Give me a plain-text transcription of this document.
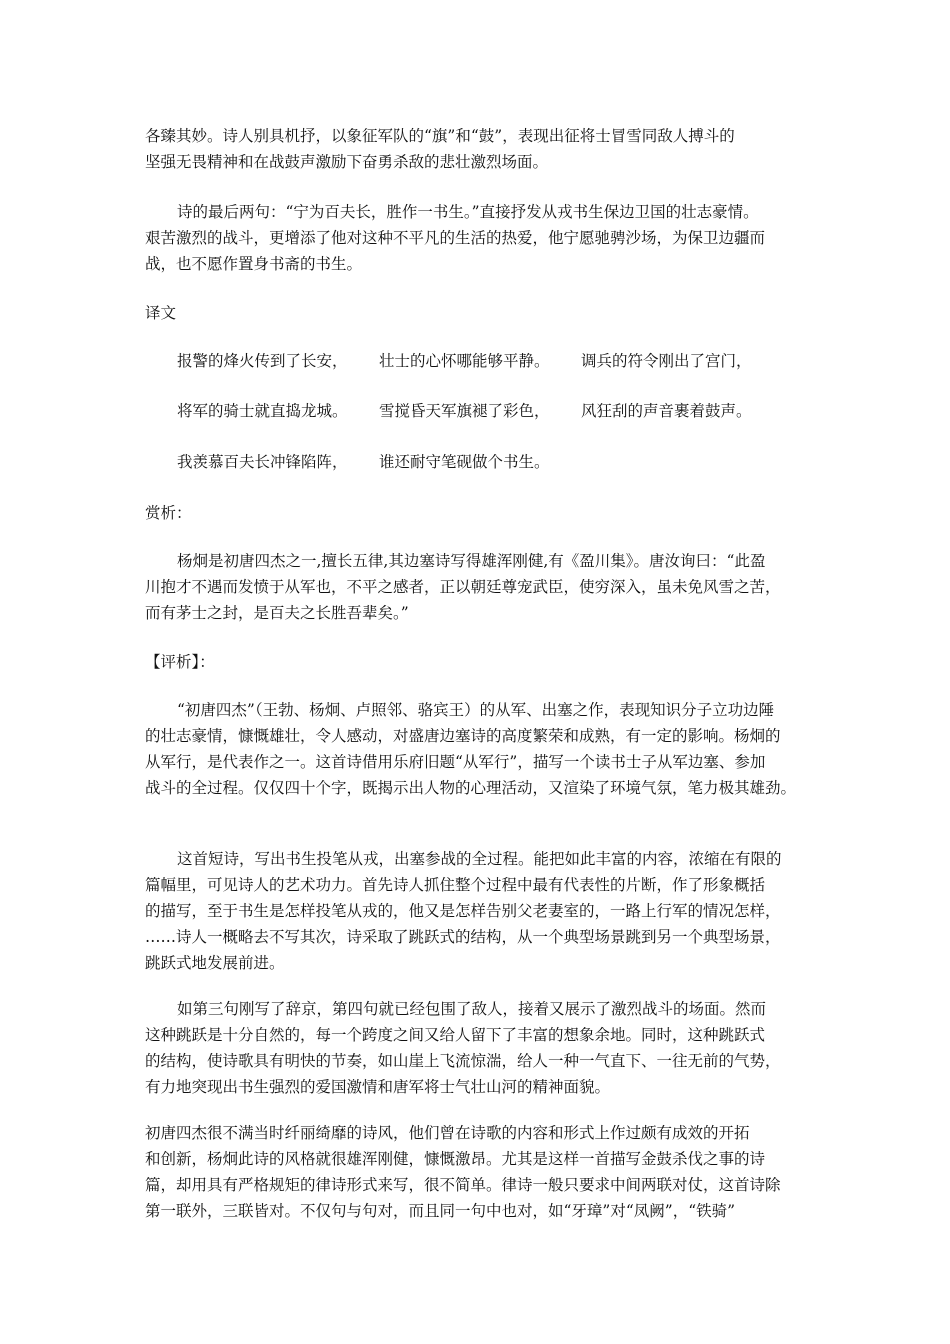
各臻其妙。诗人别具机抒，以象征军队的“旗”和“鼓”，表现出征将士冒雪同敌人搏斗的
坚强无畏精神和在战鼓声激励下奋勇杀敌的悲壮激烈场面。
诗的最后两句：“宁为百夫长，胜作一书生。”直接抒发从戎书生保边卫国的壮志豪情。
艰苦激烈的战斗，更增添了他对这种不平凡的生活的热爱，他宁愿驰骋沙场，为保卫边疆而
战，也不愿作置身书斋的书生。
译文
报警的烽火传到了长安， 壮士的心怀哪能够平静。 调兵的符令刚出了宫门，
将军的骑士就直捣龙城。 雪搅昏天军旗褪了彩色， 风狂刮的声音裹着鼓声。
我羡慕百夫长冲锋陷阵， 谁还耐守笔砚做个书生。
赏析：
杨炯是初唐四杰之一,擅长五律,其边塞诗写得雄浑刚健,有《盈川集》。唐汝询曰：“此盈
川抱才不遇而发愤于从军也，不平之感者，正以朝廷尊宠武臣，使穷深入，虽未免风雪之苦，
而有茅士之封，是百夫之长胜吾辈矣。”
【评析】：
“初唐四杰”（王勃、杨炯、卢照邻、骆宾王）的从军、出塞之作，表现知识分子立功边陲
的壮志豪情，慷慨雄壮，令人感动，对盛唐边塞诗的高度繁荣和成熟，有一定的影响。杨炯的
从军行，是代表作之一。这首诗借用乐府旧题“从军行”，描写一个读书士子从军边塞、参加
战斗的全过程。仅仅四十个字，既揭示出人物的心理活动，又渲染了环境气氛，笔力极其雄劲。
这首短诗，写出书生投笔从戎，出塞参战的全过程。能把如此丰富的内容，浓缩在有限的
篇幅里，可见诗人的艺术功力。首先诗人抓住整个过程中最有代表性的片断，作了形象概括
的描写，至于书生是怎样投笔从戎的，他又是怎样告别父老妻室的，一路上行军的情况怎样，
……诗人一概略去不写其次，诗采取了跳跃式的结构，从一个典型场景跳到另一个典型场景，
跳跃式地发展前进。
如第三句刚写了辞京，第四句就已经包围了敌人，接着又展示了激烈战斗的场面。然而
这种跳跃是十分自然的，每一个跨度之间又给人留下了丰富的想象余地。同时，这种跳跃式
的结构，使诗歌具有明快的节奏，如山崖上飞流惊湍，给人一种一气直下、一往无前的气势，
有力地突现出书生强烈的爱国激情和唐军将士气壮山河的精神面貌。
初唐四杰很不满当时纤丽绮靡的诗风，他们曾在诗歌的内容和形式上作过颇有成效的开拓
和创新，杨炯此诗的风格就很雄浑刚健，慷慨激昂。尤其是这样一首描写金鼓杀伐之事的诗
篇，却用具有严格规矩的律诗形式来写，很不简单。律诗一般只要求中间两联对仗，这首诗除
第一联外，三联皆对。不仅句与句对，而且同一句中也对，如“牙璋”对“凤阙”，“铁骑”
